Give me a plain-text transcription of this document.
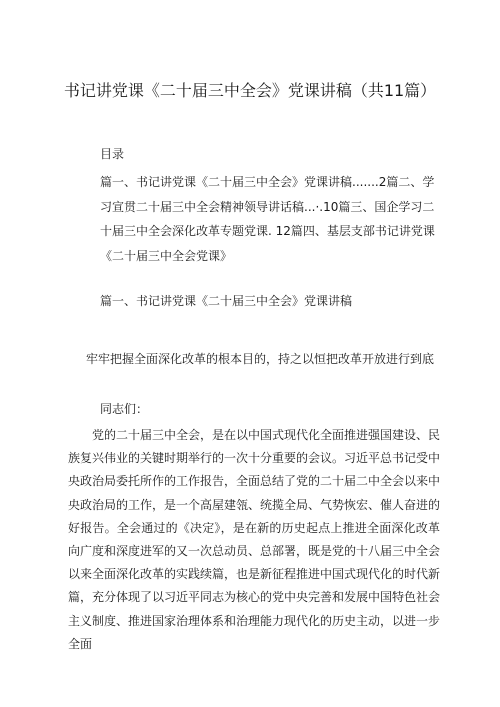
书记讲党课《二十届三中全会》党课讲稿（共11篇）
目录
篇一、书记讲党课《二十届三中全会》党课讲稿.......2篇二、学习宣贯二十届三中全会精神领导讲话稿...·.10篇三、国企学习二十届三中全会深化改革专题党课. 12篇四、基层支部书记讲党课《二十届三中全会党课》
篇一、书记讲党课《二十届三中全会》党课讲稿
牢牢把握全面深化改革的根本目的，持之以恒把改革开放进行到底
同志们：
党的二十届三中全会，是在以中国式现代化全面推进强国建设、民族复兴伟业的关键时期举行的一次十分重要的会议。习近平总书记受中央政治局委托所作的工作报告，全面总结了党的二十届二中全会以来中央政治局的工作，是一个高屋建瓴、统揽全局、气势恢宏、催人奋进的好报告。全会通过的《决定》，是在新的历史起点上推进全面深化改革向广度和深度进军的又一次总动员、总部署，既是党的十八届三中全会以来全面深化改革的实践续篇，也是新征程推进中国式现代化的时代新篇，充分体现了以习近平同志为核心的党中央完善和发展中国特色社会主义制度、推进国家治理体系和治理能力现代化的历史主动，以进一步全面
